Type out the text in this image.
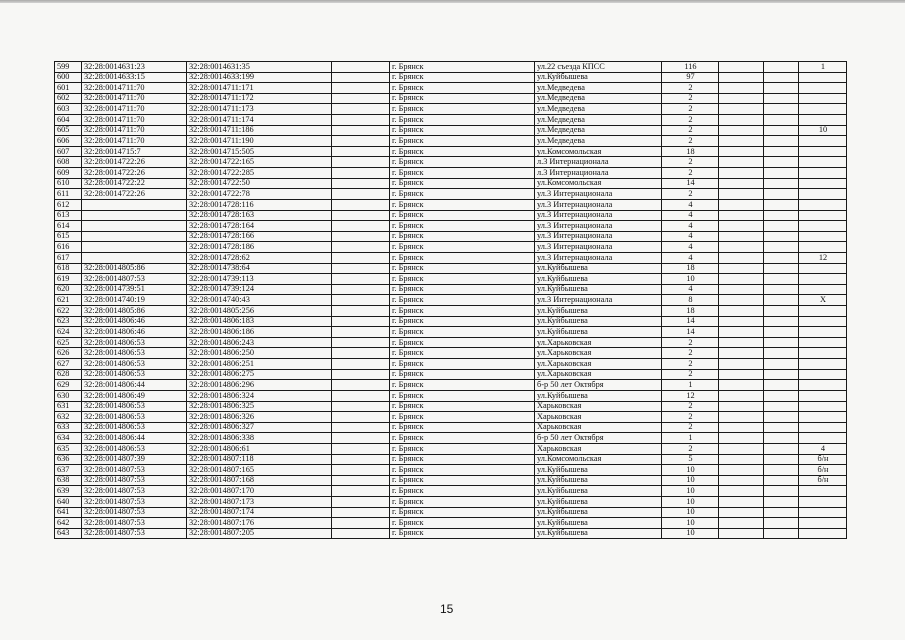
599	32:28:0014631:23	32:28:0014631:35		г. Брянск	ул.22 съезда КПСС	116			1
600	32:28:0014633:15	32:28:0014633:199		г. Брянск	ул.Куйбышева	97			
601	32:28:0014711:70	32:28:0014711:171		г. Брянск	ул.Медведева	2			
602	32:28:0014711:70	32:28:0014711:172		г. Брянск	ул.Медведева	2			
603	32:28:0014711:70	32:28:0014711:173		г. Брянск	ул.Медведева	2			
604	32:28:0014711:70	32:28:0014711:174		г. Брянск	ул.Медведева	2			
605	32:28:0014711:70	32:28:0014711:186		г. Брянск	ул.Медведева	2			10
606	32:28:0014711:70	32:28:0014711:190		г. Брянск	ул.Медведева	2			
607	32:28:0014715:7	32:28:0014715:505		г. Брянск	ул.Комсомольская	18			
608	32:28:0014722:26	32:28:0014722:165		г. Брянск	л.3 Интернационала	2			
609	32:28:0014722:26	32:28:0014722:285		г. Брянск	л.3 Интернационала	2			
610	32:28:0014722:22	32:28:0014722:50		г. Брянск	ул.Комсомольская	14			
611	32:28:0014722:26	32:28:0014722:78		г. Брянск	ул.3 Интернационала	2			
612		32:28:0014728:116		г. Брянск	ул.3 Интернационала	4			
613		32:28:0014728:163		г. Брянск	ул.3 Интернационала	4			
614		32:28:0014728:164		г. Брянск	ул.3 Интернационала	4			
615		32:28:0014728:166		г. Брянск	ул.3 Интернационала	4			
616		32:28:0014728:186		г. Брянск	ул.3 Интернационала	4			
617		32:28:0014728:62		г. Брянск	ул.3 Интернационала	4			12
618	32:28:0014805:86	32:28:0014738:64		г. Брянск	ул.Куйбышева	18			
619	32:28:0014807:53	32:28:0014739:113		г. Брянск	ул.Куйбышева	10			
620	32:28:0014739:51	32:28:0014739:124		г. Брянск	ул.Куйбышева	4			
621	32:28:0014740:19	32:28:0014740:43		г. Брянск	ул.3 Интернационала	8			X
622	32:28:0014805:86	32:28:0014805:256		г. Брянск	ул.Куйбышева	18			
623	32:28:0014806:46	32:28:0014806:183		г. Брянск	ул.Куйбышева	14			
624	32:28:0014806:46	32:28:0014806:186		г. Брянск	ул.Куйбышева	14			
625	32:28:0014806:53	32:28:0014806:243		г. Брянск	ул.Харьковская	2			
626	32:28:0014806:53	32:28:0014806:250		г. Брянск	ул.Харьковская	2			
627	32:28:0014806:53	32:28:0014806:251		г. Брянск	ул.Харьковская	2			
628	32:28:0014806:53	32:28:0014806:275		г. Брянск	ул.Харьковская	2			
629	32:28:0014806:44	32:28:0014806:296		г. Брянск	б-р 50 лет Октября	1			
630	32:28:0014806:49	32:28:0014806:324		г. Брянск	ул.Куйбышева	12			
631	32:28:0014806:53	32:28:0014806:325		г. Брянск	Харьковская	2			
632	32:28:0014806:53	32:28:0014806:326		г. Брянск	Харьковская	2			
633	32:28:0014806:53	32:28:0014806:327		г. Брянск	Харьковская	2			
634	32:28:0014806:44	32:28:0014806:338		г. Брянск	б-р 50 лет Октября	1			
635	32:28:0014806:53	32:28:0014806:61		г. Брянск	Харьковская	2			4
636	32:28:0014807:39	32:28:0014807:118		г. Брянск	ул.Комсомольская	5			б/н
637	32:28:0014807:53	32:28:0014807:165		г. Брянск	ул.Куйбышева	10			б/н
638	32:28:0014807:53	32:28:0014807:168		г. Брянск	ул.Куйбышева	10			б/н
639	32:28:0014807:53	32:28:0014807:170		г. Брянск	ул.Куйбышева	10			
640	32:28:0014807:53	32:28:0014807:173		г. Брянск	ул.Куйбышева	10			
641	32:28:0014807:53	32:28:0014807:174		г. Брянск	ул.Куйбышева	10			
642	32:28:0014807:53	32:28:0014807:176		г. Брянск	ул.Куйбышева	10			
643	32:28:0014807:53	32:28:0014807:205		г. Брянск	ул.Куйбышева	10			
15
